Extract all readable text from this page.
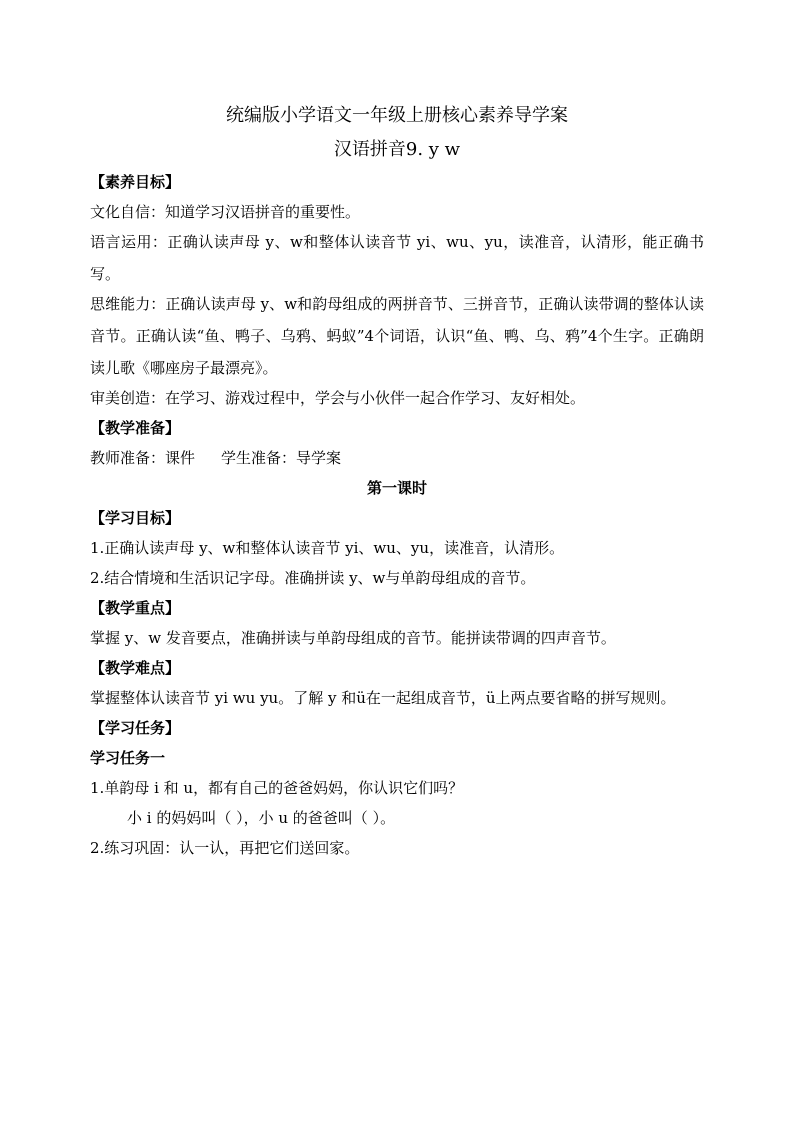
统编版小学语文一年级上册核心素养导学案
汉语拼音9. y w
【素养目标】
文化自信：知道学习汉语拼音的重要性。
语言运用：正确认读声母 y、w和整体认读音节 yi、wu、yu，读准音，认清形，能正确书写。
思维能力：正确认读声母 y、w和韵母组成的两拼音节、三拼音节，正确认读带调的整体认读音节。正确认读“鱼、鸭子、乌鸦、蚂蚁”4个词语，认识“鱼、鸭、乌、鸦”4个生字。正确朗读儿歌《哪座房子最漂亮》。
审美创造：在学习、游戏过程中，学会与小伙伴一起合作学习、友好相处。
【教学准备】
教师准备：课件 学生准备：导学案
第一课时
【学习目标】
1.正确认读声母 y、w和整体认读音节 yi、wu、yu，读准音，认清形。
2.结合情境和生活识记字母。准确拼读 y、w与单韵母组成的音节。
【教学重点】
掌握 y、w 发音要点，准确拼读与单韵母组成的音节。能拼读带调的四声音节。
【教学难点】
掌握整体认读音节 yi wu yu。了解 y 和ü在一起组成音节，ü上两点要省略的拼写规则。
【学习任务】
学习任务一
1.单韵母 i 和 u，都有自己的爸爸妈妈，你认识它们吗？
小 i 的妈妈叫（ ），小 u 的爸爸叫（ ）。
2.练习巩固：认一认，再把它们送回家。
